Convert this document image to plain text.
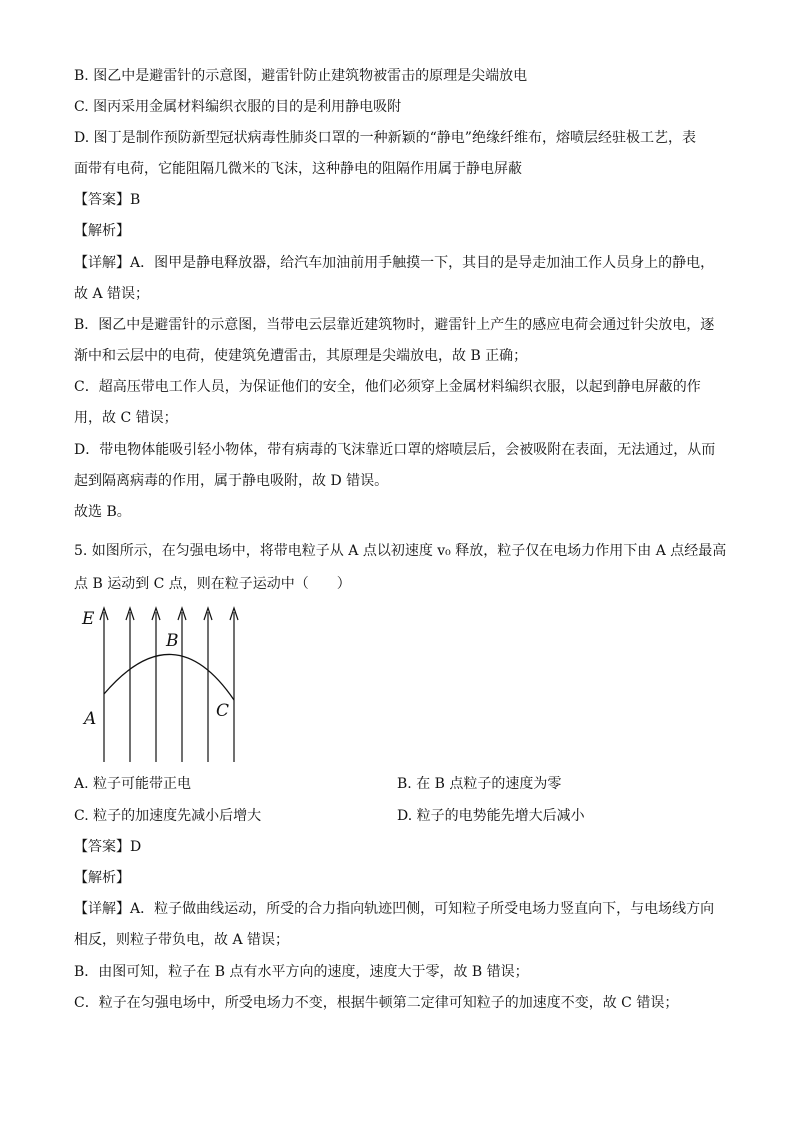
B. 图乙中是避雷针的示意图，避雷针防止建筑物被雷击的原理是尖端放电
C. 图丙采用金属材料编织衣服的目的是利用静电吸附
D. 图丁是制作预防新型冠状病毒性肺炎口罩的一种新颖的“静电”绝缘纤维布，熔喷层经驻极工艺，表
面带有电荷，它能阻隔几微米的飞沫，这种静电的阻隔作用属于静电屏蔽
【答案】B
【解析】
【详解】A．图甲是静电释放器，给汽车加油前用手触摸一下，其目的是导走加油工作人员身上的静电，
故 A 错误；
B．图乙中是避雷针的示意图，当带电云层靠近建筑物时，避雷针上产生的感应电荷会通过针尖放电，逐
渐中和云层中的电荷，使建筑免遭雷击，其原理是尖端放电，故 B 正确；
C．超高压带电工作人员，为保证他们的安全，他们必须穿上金属材料编织衣服，以起到静电屏蔽的作
用，故 C 错误；
D．带电物体能吸引轻小物体，带有病毒的飞沫靠近口罩的熔喷层后，会被吸附在表面，无法通过，从而
起到隔离病毒的作用，属于静电吸附，故 D 错误。
故选 B。
5. 如图所示，在匀强电场中，将带电粒子从 A 点以初速度 v₀ 释放，粒子仅在电场力作用下由 A 点经最高
点 B 运动到 C 点，则在粒子运动中（　　）
E
A
B
C
A. 粒子可能带正电	B. 在 B 点粒子的速度为零
C. 粒子的加速度先减小后增大	D. 粒子的电势能先增大后减小
【答案】D
【解析】
【详解】A．粒子做曲线运动，所受的合力指向轨迹凹侧，可知粒子所受电场力竖直向下，与电场线方向
相反，则粒子带负电，故 A 错误；
B．由图可知，粒子在 B 点有水平方向的速度，速度大于零，故 B 错误；
C．粒子在匀强电场中，所受电场力不变，根据牛顿第二定律可知粒子的加速度不变，故 C 错误；
